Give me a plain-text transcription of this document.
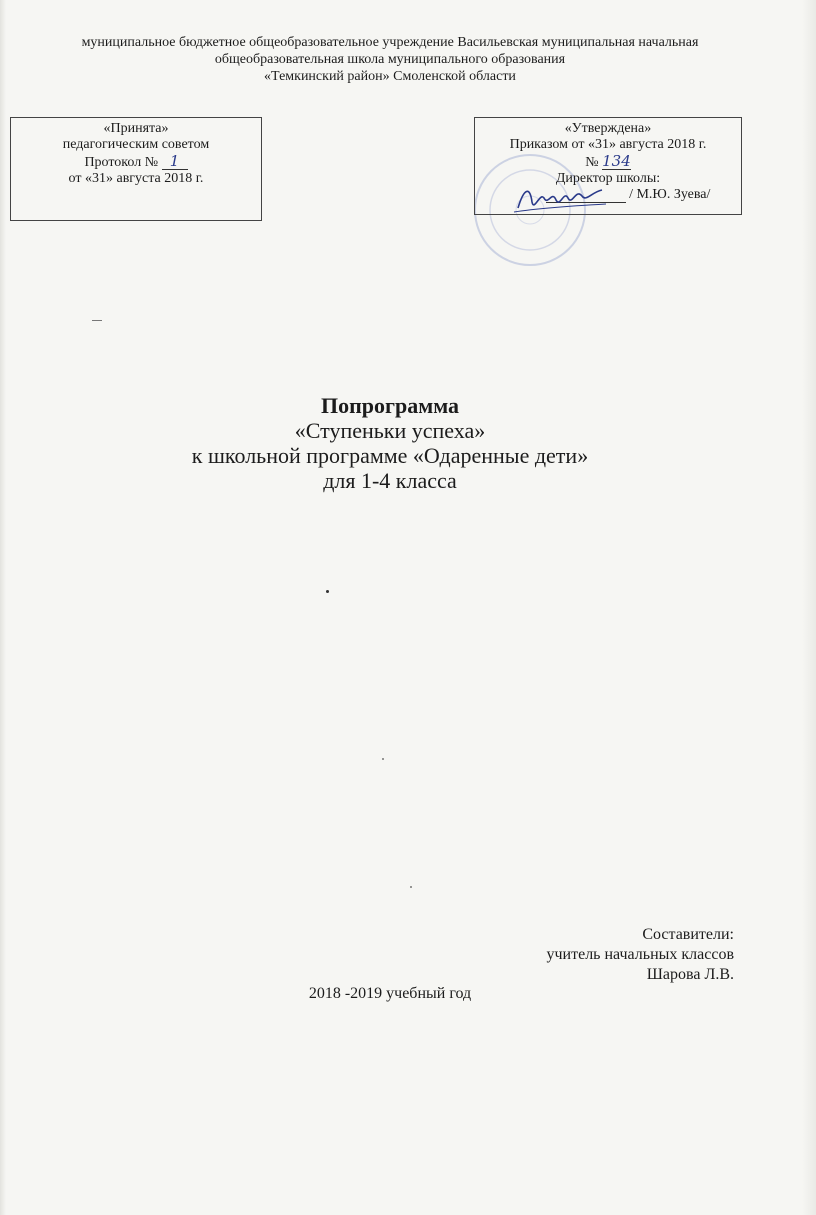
муниципальное бюджетное общеобразовательное учреждение Васильевская муниципальная начальная
общеобразовательная школа муниципального образования
«Темкинский район» Смоленской области
«Принята»
педагогическим советом
Протокол № 1
от «31» августа 2018 г.
«Утверждена»
Приказом от «31» августа 2018 г.
№ 134
Директор школы:
/ М.Ю. Зуева/
Попрограмма
«Ступеньки успеха»
к школьной программе «Одаренные дети»
для 1-4 класса
Составители:
учитель начальных классов
Шарова Л.В.
2018 -2019 учебный год
